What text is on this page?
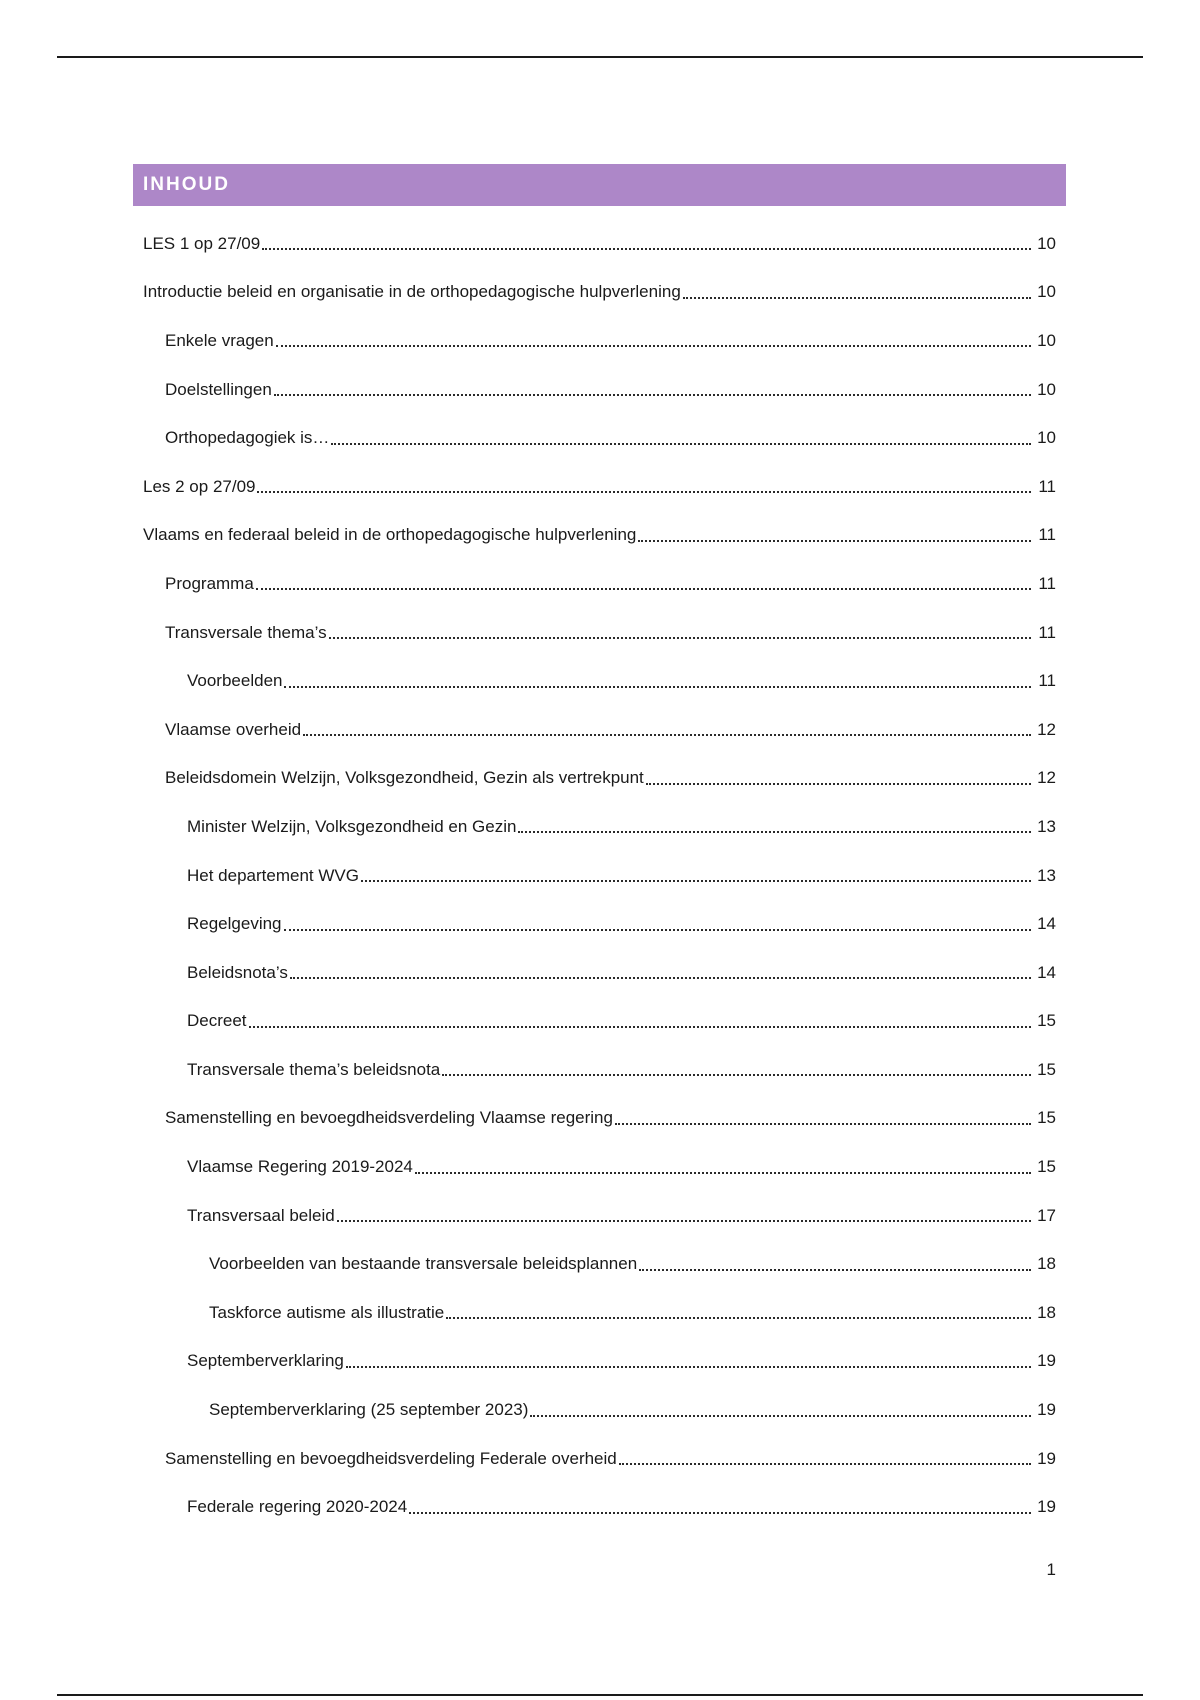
INHOUD
LES 1 op 27/09	10
Introductie beleid en organisatie in de orthopedagogische hulpverlening	10
Enkele vragen	10
Doelstellingen	10
Orthopedagogiek is…	10
Les 2 op 27/09	11
Vlaams en federaal beleid in de orthopedagogische hulpverlening	11
Programma	11
Transversale thema’s	11
Voorbeelden	11
Vlaamse overheid	12
Beleidsdomein Welzijn, Volksgezondheid, Gezin als vertrekpunt	12
Minister Welzijn, Volksgezondheid en Gezin	13
Het departement WVG	13
Regelgeving	14
Beleidsnota’s	14
Decreet	15
Transversale thema’s beleidsnota	15
Samenstelling en bevoegdheidsverdeling Vlaamse regering	15
Vlaamse Regering 2019-2024	15
Transversaal beleid	17
Voorbeelden van bestaande transversale beleidsplannen	18
Taskforce autisme als illustratie	18
Septemberverklaring	19
Septemberverklaring (25 september 2023)	19
Samenstelling en bevoegdheidsverdeling Federale overheid	19
Federale regering 2020-2024	19
1
